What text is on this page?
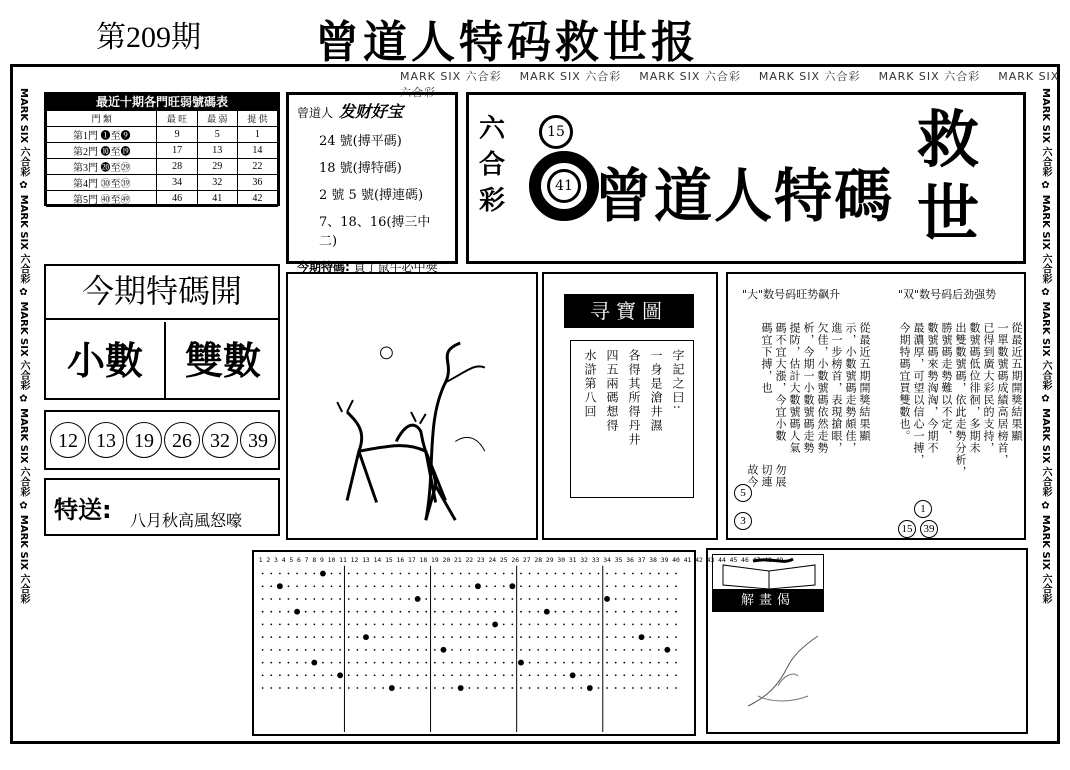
第209期	曾道人特码救世报
MARK SIX 六合彩 MARK SIX 六合彩 MARK SIX 六合彩 MARK SIX 六合彩 MARK SIX 六合彩 MARK SIX 六合彩
MARK SIX 六合彩 ✿ MARK SIX 六合彩 ✿ MARK SIX 六合彩 ✿ MARK SIX 六合彩 ✿ MARK SIX 六合彩
MARK SIX 六合彩 ✿ MARK SIX 六合彩 ✿ MARK SIX 六合彩 ✿ MARK SIX 六合彩 ✿ MARK SIX 六合彩
最近十期各門旺弱號碼表
門 類	最 旺	最 弱	提 供
第1門 ❶至❾	9	5	1
第2門 ❿至⓳	17	13	14
第3門 ⓴至㉙	28	29	22
第4門 ㉚至㊴	34	32	36
第5門 ㊵至㊾	46	41	42
曾道人 发财好宝
24 號(搏平碼)
18 號(搏特碼)
2 號 5 號(搏連碼)
7、18、16(搏三中二)
今期特碼: 買了鼠牛必中獎
六
合
彩
15
41 曾道人特碼
救
世
今期特碼開
小數	雙數
12 13 19 26 32 39
特送: 八月秋高風怒嚎
寻寶圖
字記之曰:
一身是滄井濕
各得其所得丹井
四五兩碼想得
水滸第八回
"大"数号码旺势飙升	"双"数号码后劲强势
從最近五期開獎結果顯
示，小數號碼走勢頗佳，
進一步榜首，表現搶眼，
欠佳，小數號碼依然走勢
析，今期一小數號碼走勢
提防，估計大數號碼人氣
碼不宜大漲，今宜小數
碼宜下搏，也
故今 切連 勿展
5
3
從最近五期開獎結果顯
一單數號碼成績高居榜首，
已得到廣大彩民的支持，
數號碼低位徘徊，多期未
出雙數號碼，依此走勢分析，
勝號碼走勢難以不定，
數號碼來勢洶洶，今期不
最濃厚，可望以信心一搏，
今期特碼宜買雙數也。
1
15	39
1 2 3 4 5 6 7 8 9 10 11 12 13 14 15 16 17 18 19 20 21 22 23 24 25 26 27 28 29 30 31 32 33 34 35 36 37 38 39 40 41 42 43 44 45 46 47 48 49
解畫偈
